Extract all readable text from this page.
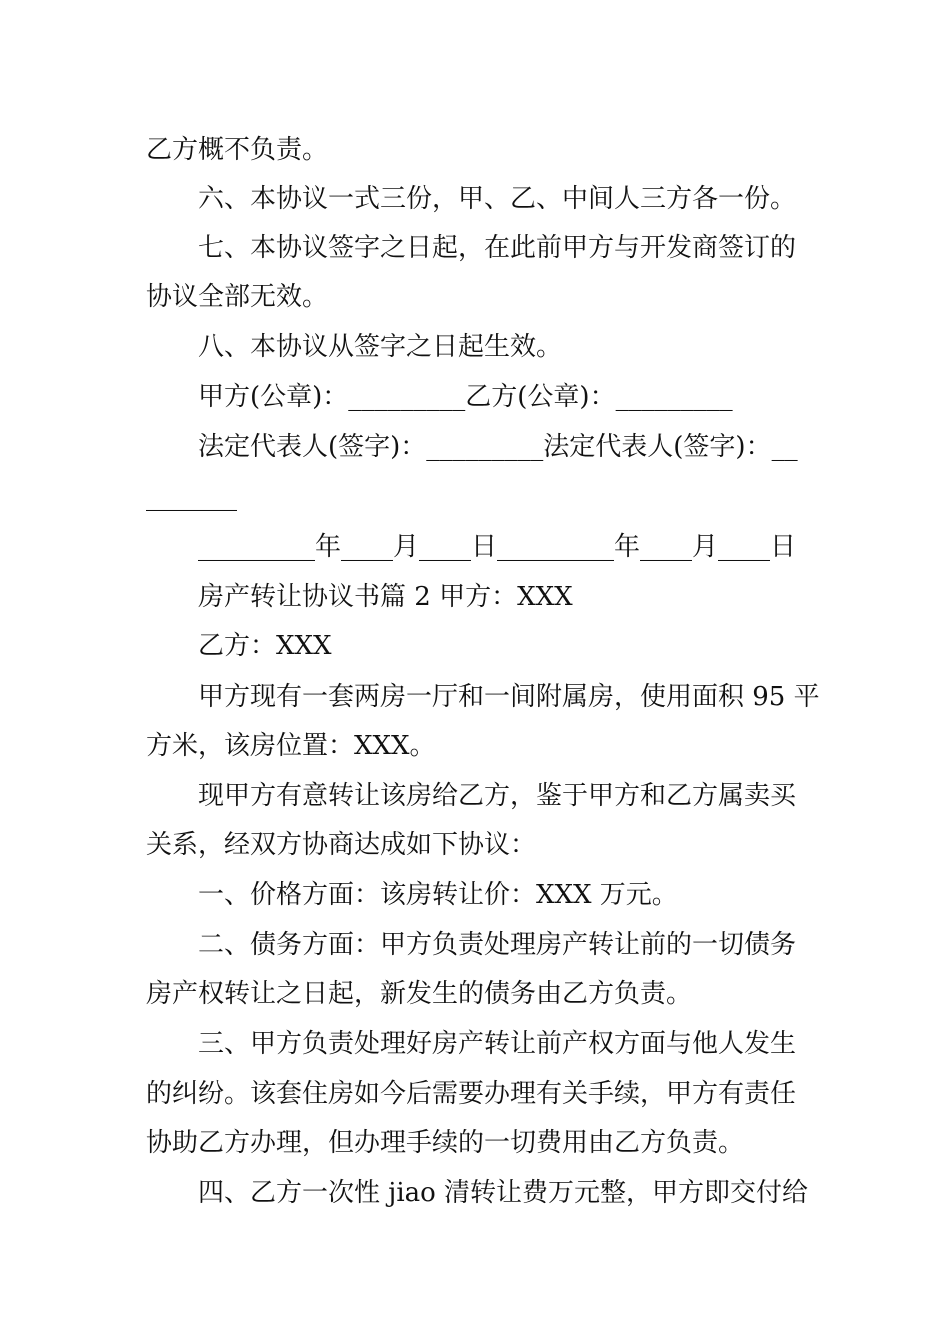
乙方概不负责。
六、本协议一式三份，甲、乙、中间人三方各一份。
七、本协议签字之日起，在此前甲方与开发商签订的
协议全部无效。
八、本协议从签字之日起生效。
甲方(公章)：_________乙方(公章)：_________
法定代表人(签字)：_________法定代表人(签字)：__
_______
_________年____月____日_________年____月____日
房产转让协议书篇 2 甲方：XXX
乙方：XXX
甲方现有一套两房一厅和一间附属房，使用面积 95 平
方米，该房位置：XXX。
现甲方有意转让该房给乙方，鉴于甲方和乙方属卖买
关系，经双方协商达成如下协议：
一、价格方面：该房转让价：XXX 万元。
二、债务方面：甲方负责处理房产转让前的一切债务
房产权转让之日起，新发生的债务由乙方负责。
三、甲方负责处理好房产转让前产权方面与他人发生
的纠纷。该套住房如今后需要办理有关手续，甲方有责任
协助乙方办理，但办理手续的一切费用由乙方负责。
四、乙方一次性 jiao 清转让费万元整，甲方即交付给
